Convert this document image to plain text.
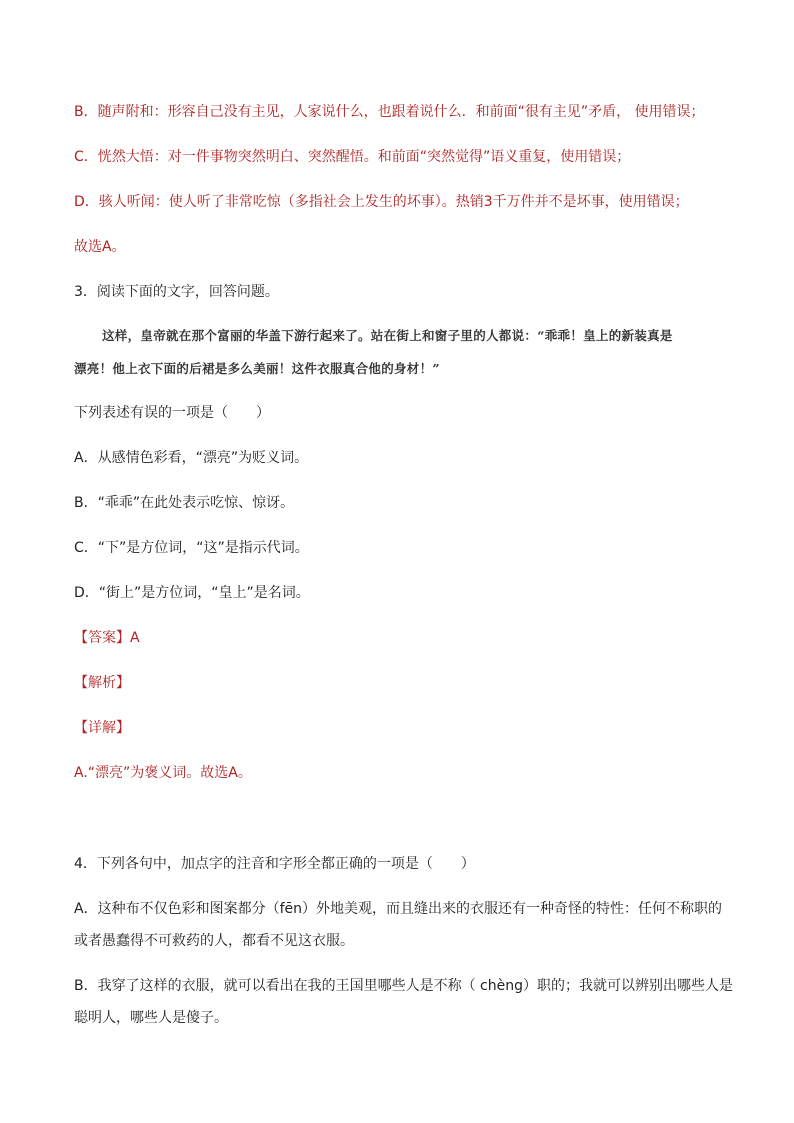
B．随声附和：形容自己没有主见，人家说什么，也跟着说什么．和前面“很有主见”矛盾， 使用错误；
C．恍然大悟：对一件事物突然明白、突然醒悟。和前面“突然觉得”语义重复，使用错误；
D．骇人听闻：使人听了非常吃惊（多指社会上发生的坏事）。热销3千万件并不是坏事，使用错误；
故选A。
3．阅读下面的文字，回答问题。
这样，皇帝就在那个富丽的华盖下游行起来了。站在街上和窗子里的人都说：“乖乖！皇上的新装真是
漂亮！他上衣下面的后裙是多么美丽！这件衣服真合他的身材！”
下列表述有误的一项是（　　）
A．从感情色彩看，“漂亮”为贬义词。
B．“乖乖”在此处表示吃惊、惊讶。
C．“下”是方位词，“这”是指示代词。
D．“街上”是方位词，“皇上”是名词。
【答案】A
【解析】
【详解】
A.“漂亮”为褒义词。故选A。
4．下列各句中，加点字的注音和字形全都正确的一项是（　　）
A．这种布不仅色彩和图案都分（fēn）外地美观，而且缝出来的衣服还有一种奇怪的特性：任何不称职的
或者愚蠢得不可救药的人，都看不见这衣服。
B．我穿了这样的衣服，就可以看出在我的王国里哪些人是不称（ chèng）职的；我就可以辨别出哪些人是
聪明人，哪些人是傻子。
